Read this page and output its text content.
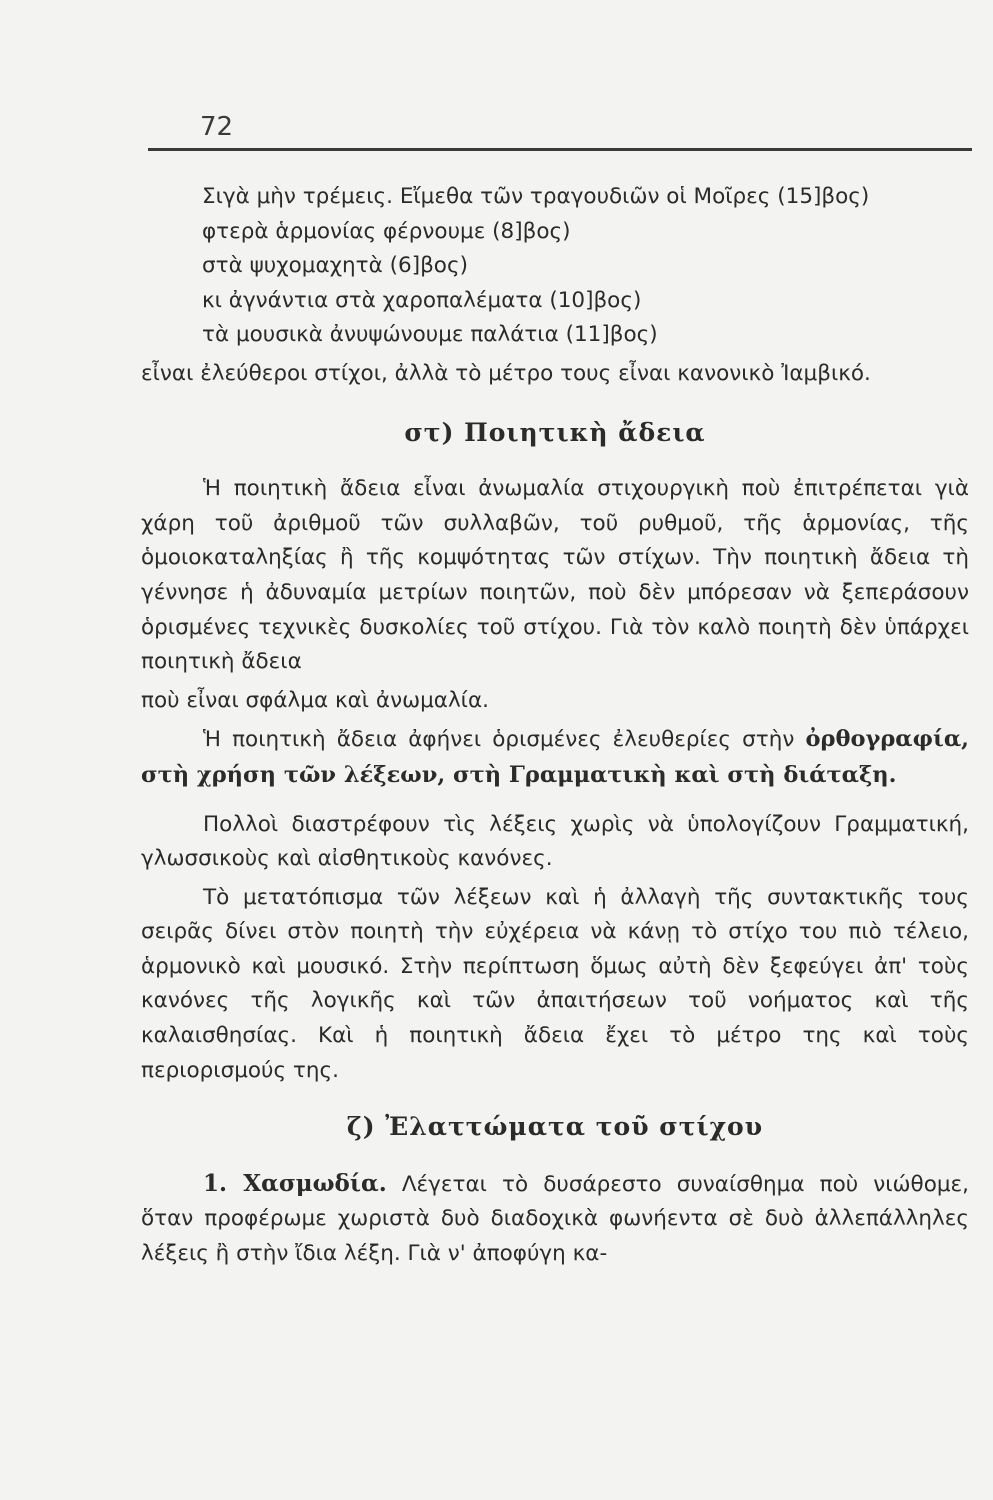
72
Σιγὰ μὴν τρέμεις. Εἴμεθα τῶν τραγουδιῶν οἱ Μοῖρες (15]βος)
φτερὰ ἁρμονίας φέρνουμε (8]βος)
στὰ ψυχομαχητὰ (6]βος)
κι ἀγνάντια στὰ χαροπαλέματα (10]βος)
τὰ μουσικὰ ἀνυψώνουμε παλάτια (11]βος)
εἶναι ἐλεύθεροι στίχοι, ἀλλὰ τὸ μέτρο τους εἶναι κανονικὸ Ἰαμβικό.
στ) Ποιητικὴ ἄδεια

Ἡ ποιητικὴ ἄδεια εἶναι ἀνωμαλία στιχουργικὴ ποὺ ἐπιτρέπεται γιὰ χάρη τοῦ ἀριθμοῦ τῶν συλλαβῶν, τοῦ ρυθμοῦ, τῆς ἁρμονίας, τῆς ὁμοιοκαταληξίας ἢ τῆς κομψότητας τῶν στίχων. Τὴν ποιητικὴ ἄδεια τὴ γέννησε ἡ ἀδυναμία μετρίων ποιητῶν, ποὺ δὲν μπόρεσαν νὰ ξεπεράσουν ὁρισμένες τεχνικὲς δυσκολίες τοῦ στίχου. Γιὰ τὸν καλὸ ποιητὴ δὲν ὑπάρχει ποιητικὴ ἄδεια

ποὺ εἶναι σφάλμα καὶ ἀνωμαλία.

Ἡ ποιητικὴ ἄδεια ἀφήνει ὁρισμένες ἐλευθερίες στὴν ὀρθογραφία, στὴ χρήση τῶν λέξεων, στὴ Γραμματικὴ καὶ στὴ διάταξη.

Πολλοὶ διαστρέφουν τὶς λέξεις χωρὶς νὰ ὑπολογίζουν Γραμματική, γλωσσικοὺς καὶ αἰσθητικοὺς κανόνες.

Τὸ μετατόπισμα τῶν λέξεων καὶ ἡ ἀλλαγὴ τῆς συντακτικῆς τους σειρᾶς δίνει στὸν ποιητὴ τὴν εὐχέρεια νὰ κάνῃ τὸ στίχο του πιὸ τέλειο, ἁρμονικὸ καὶ μουσικό. Στὴν περίπτωση ὅμως αὐτὴ δὲν ξεφεύγει ἀπ' τοὺς κανόνες τῆς λογικῆς καὶ τῶν ἀπαιτήσεων τοῦ νοήματος καὶ τῆς καλαισθησίας. Καὶ ἡ ποιητικὴ ἄδεια ἔχει τὸ μέτρο της καὶ τοὺς περιορισμούς της.

ζ) Ἐλαττώματα τοῦ στίχου

1. Χασμωδία. Λέγεται τὸ δυσάρεστο συναίσθημα ποὺ νιώθομε, ὅταν προφέρωμε χωριστὰ δυὸ διαδοχικὰ φωνήεντα σὲ δυὸ ἀλλεπάλληλες λέξεις ἢ στὴν ἴδια λέξη. Γιὰ ν' ἀποφύγη κα-
